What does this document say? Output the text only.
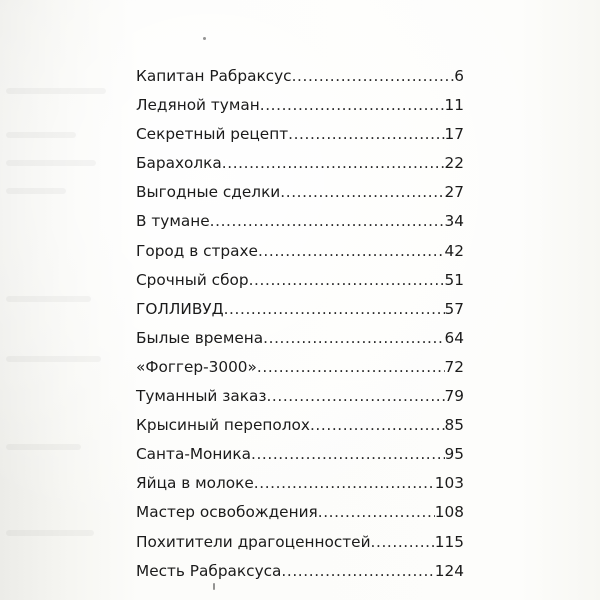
Капитан Рабраксус .....	6
Ледяной туман .....	11
Секретный рецепт .....	17
Барахолка .....	22
Выгодные сделки .....	27
В тумане .....	34
Город в страхе .....	42
Срочный сбор .....	51
ГОЛЛИВУД .....	57
Былые времена .....	64
«Фоггер-3000» .....	72
Туманный заказ .....	79
Крысиный переполох .....	85
Санта-Моника .....	95
Яйца в молоке .....	103
Мастер освобождения .....	108
Похитители драгоценностей .....	115
Месть Рабраксуса .....	124
